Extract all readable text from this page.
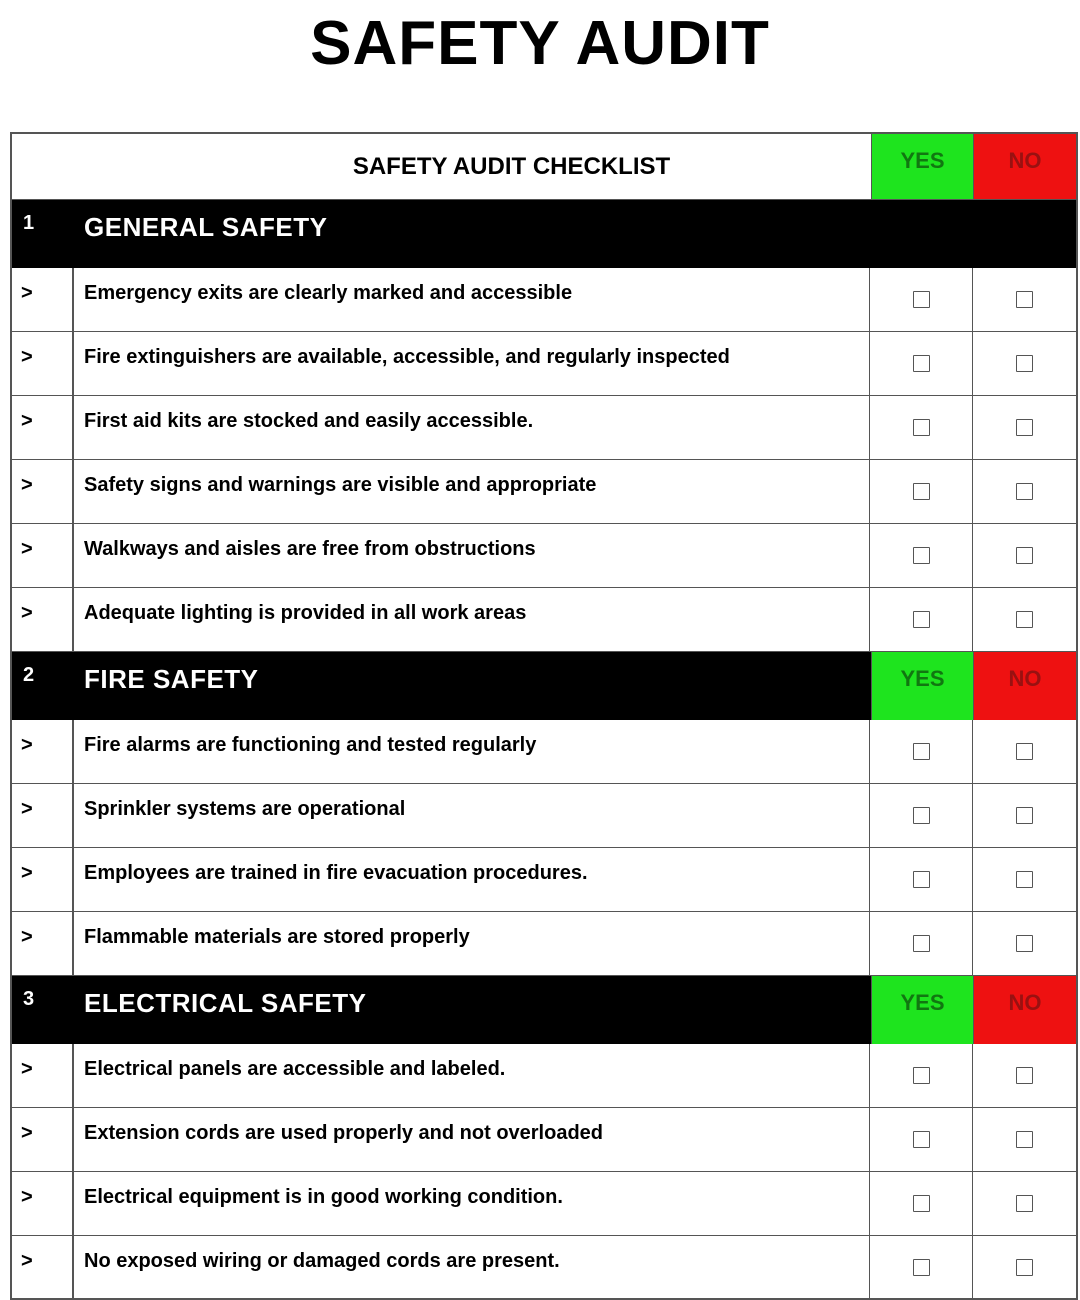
SAFETY AUDIT
SAFETY AUDIT CHECKLIST	YES	NO
1	GENERAL SAFETY
>	Emergency exits are clearly marked and accessible
>	Fire extinguishers are available, accessible, and regularly inspected
>	First aid kits are stocked and easily accessible.
>	Safety signs and warnings are visible and appropriate
>	Walkways and aisles are free from obstructions
>	Adequate lighting is provided in all work areas
2	FIRE SAFETY	YES	NO
>	Fire alarms are functioning and tested regularly
>	Sprinkler systems are operational
>	Employees are trained in fire evacuation procedures.
>	Flammable materials are stored properly
3	ELECTRICAL SAFETY	YES	NO
>	Electrical panels are accessible and labeled.
>	Extension cords are used properly and not overloaded
>	Electrical equipment is in good working condition.
>	No exposed wiring or damaged cords are present.
